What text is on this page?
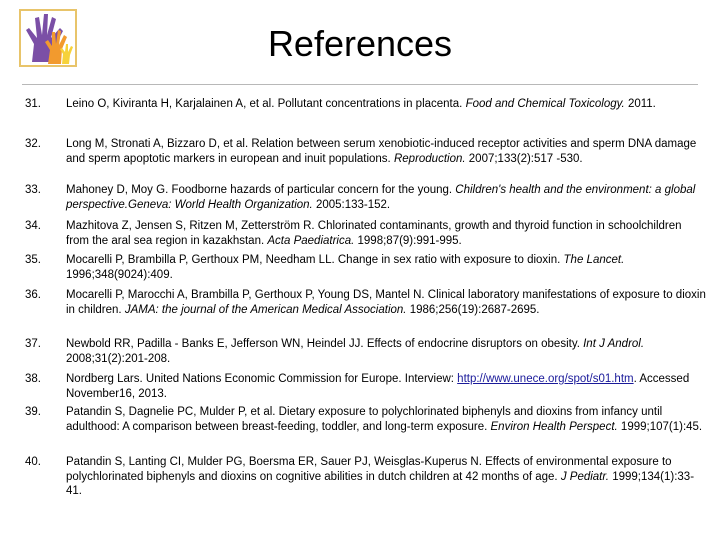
References
31.	Leino O, Kiviranta H, Karjalainen A, et al. Pollutant concentrations in placenta. Food and Chemical Toxicology. 2011.
32.	Long M, Stronati A, Bizzaro D, et al. Relation between serum xenobiotic-induced receptor activities and sperm DNA damage and sperm apoptotic markers in european and inuit populations. Reproduction. 2007;133(2):517 -530.
33.	Mahoney D, Moy G. Foodborne hazards of particular concern for the young. Children's health and the environment: a global perspective.Geneva: World Health Organization. 2005:133-152.
34.	Mazhitova Z, Jensen S, Ritzen M, Zetterström R. Chlorinated contaminants, growth and thyroid function in schoolchildren from the aral sea region in kazakhstan. Acta Paediatrica. 1998;87(9):991-995.
35.	Mocarelli P, Brambilla P, Gerthoux PM, Needham LL. Change in sex ratio with exposure to dioxin. The Lancet. 1996;348(9024):409.
36.	Mocarelli P, Marocchi A, Brambilla P, Gerthoux P, Young DS, Mantel N. Clinical laboratory manifestations of exposure to dioxin in children. JAMA: the journal of the American Medical Association. 1986;256(19):2687-2695.
37.	Newbold RR, Padilla - Banks E, Jefferson WN, Heindel JJ. Effects of endocrine disruptors on obesity. Int J Androl. 2008;31(2):201-208.
38.	Nordberg Lars. United Nations Economic Commission for Europe. Interview: http://www.unece.org/spot/s01.htm. Accessed November16, 2013.
39.	Patandin S, Dagnelie PC, Mulder P, et al. Dietary exposure to polychlorinated biphenyls and dioxins from infancy until adulthood: A comparison between breast-feeding, toddler, and long-term exposure. Environ Health Perspect. 1999;107(1):45.
40.	Patandin S, Lanting CI, Mulder PG, Boersma ER, Sauer PJ, Weisglas-Kuperus N. Effects of environmental exposure to polychlorinated biphenyls and dioxins on cognitive abilities in dutch children at 42 months of age. J Pediatr. 1999;134(1):33-41.
